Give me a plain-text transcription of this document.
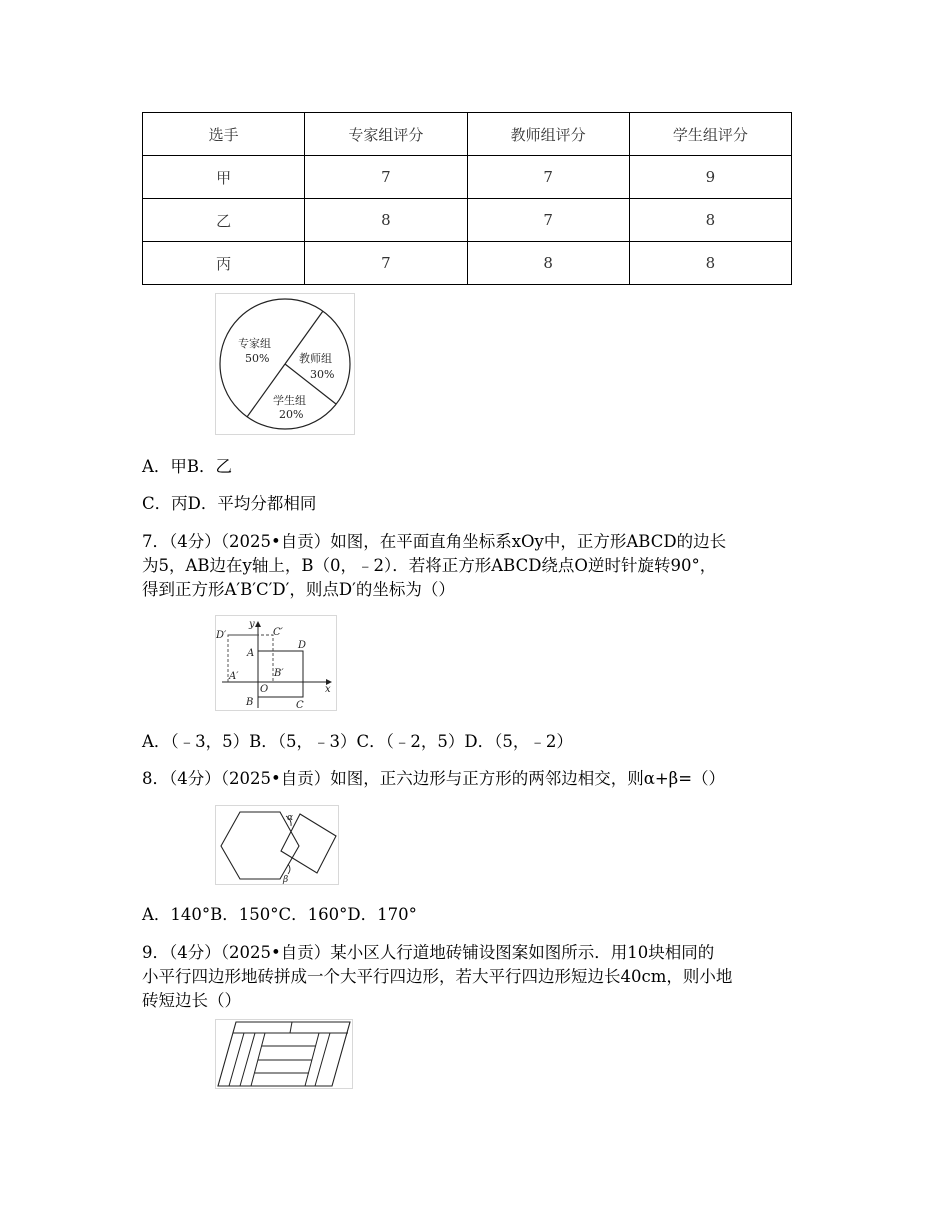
选手	专家组评分	教师组评分	学生组评分
甲	7	7	9
乙	8	7	8
丙	7	8	8
专家组
50%	教师组
30%
学生组
20%
A．甲B．乙
C．丙D．平均分都相同
7．（4分）（2025•自贡）如图，在平面直角坐标系xOy中，正方形ABCD的边长
为5，AB边在y轴上，B（0，﹣2）．若将正方形ABCD绕点O逆时针旋转90°，
得到正方形A′B′C′D′，则点D′的坐标为（）
D′	C′
y
D
A
B′
A′
O	x
B	C
A．（﹣3，5）B．（5，﹣3）C．（﹣2，5）D．（5，﹣2）
8．（4分）（2025•自贡）如图，正六边形与正方形的两邻边相交，则α+β=（）
α
β
A．140°B．150°C．160°D．170°
9．（4分）（2025•自贡）某小区人行道地砖铺设图案如图所示．用10块相同的
小平行四边形地砖拼成一个大平行四边形，若大平行四边形短边长40cm，则小地
砖短边长（）
